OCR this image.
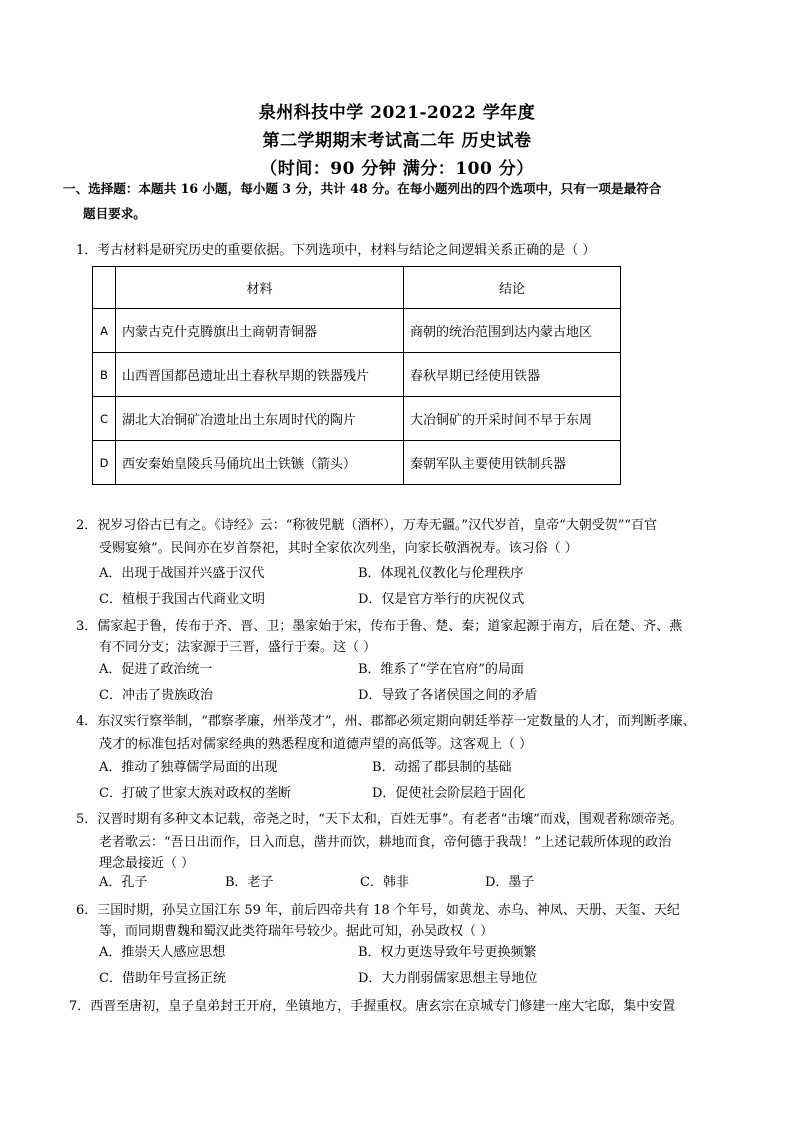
泉州科技中学 2021-2022 学年度
第二学期期末考试高二年 历史试卷
（时间：90 分钟 满分：100 分）
一、选择题：本题共 16 小题，每小题 3 分，共计 48 分。在每小题列出的四个选项中，只有一项是最符合
题目要求。
1．考古材料是研究历史的重要依据。下列选项中，材料与结论之间逻辑关系正确的是（ ）
	材料	结论
A	内蒙古克什克腾旗出土商朝青铜器	商朝的统治范围到达内蒙古地区
B	山西晋国都邑遗址出土春秋早期的铁器残片	春秋早期已经使用铁器
C	湖北大冶铜矿冶遗址出土东周时代的陶片	大冶铜矿的开采时间不早于东周
D	西安秦始皇陵兵马俑坑出土铁镞（箭头）	秦朝军队主要使用铁制兵器
2．祝岁习俗古已有之。《诗经》云：“称彼兕觥（酒杯），万寿无疆。”汉代岁首，皇帝“大朝受贺”“百官
受赐宴飨”。民间亦在岁首祭祀，其时全家依次列坐，向家长敬酒祝寿。该习俗（ ）
A．出现于战国并兴盛于汉代	B．体现礼仪教化与伦理秩序
C．植根于我国古代商业文明	D．仅是官方举行的庆祝仪式
3．儒家起于鲁，传布于齐、晋、卫；墨家始于宋，传布于鲁、楚、秦；道家起源于南方，后在楚、齐、燕
有不同分支；法家源于三晋，盛行于秦。这（ ）
A．促进了政治统一	B．维系了“学在官府”的局面
C．冲击了贵族政治	D．导致了各诸侯国之间的矛盾
4．东汉实行察举制，“郡察孝廉，州举茂才”，州、郡都必须定期向朝廷举荐一定数量的人才，而判断孝廉、
茂才的标准包括对儒家经典的熟悉程度和道德声望的高低等。这客观上（ ）
A．推动了独尊儒学局面的出现	B．动摇了郡县制的基础
C．打破了世家大族对政权的垄断	D．促使社会阶层趋于固化
5．汉晋时期有多种文本记载，帝尧之时，“天下太和，百姓无事”。有老者“击壤”而戏，围观者称颂帝尧。
老者歌云：“吾日出而作，日入而息，凿井而饮，耕地而食，帝何德于我哉！”上述记载所体现的政治
理念最接近（ ）
A．孔子	B．老子	C．韩非	D．墨子
6．三国时期，孙吴立国江东 59 年，前后四帝共有 18 个年号，如黄龙、赤乌、神凤、天册、天玺、天纪
等，而同期曹魏和蜀汉此类符瑞年号较少。据此可知，孙吴政权（ ）
A．推崇天人感应思想	B．权力更迭导致年号更换频繁
C．借助年号宣扬正统	D．大力削弱儒家思想主导地位
7．西晋至唐初，皇子皇弟封王开府，坐镇地方，手握重权。唐玄宗在京城专门修建一座大宅邸，集中安置
